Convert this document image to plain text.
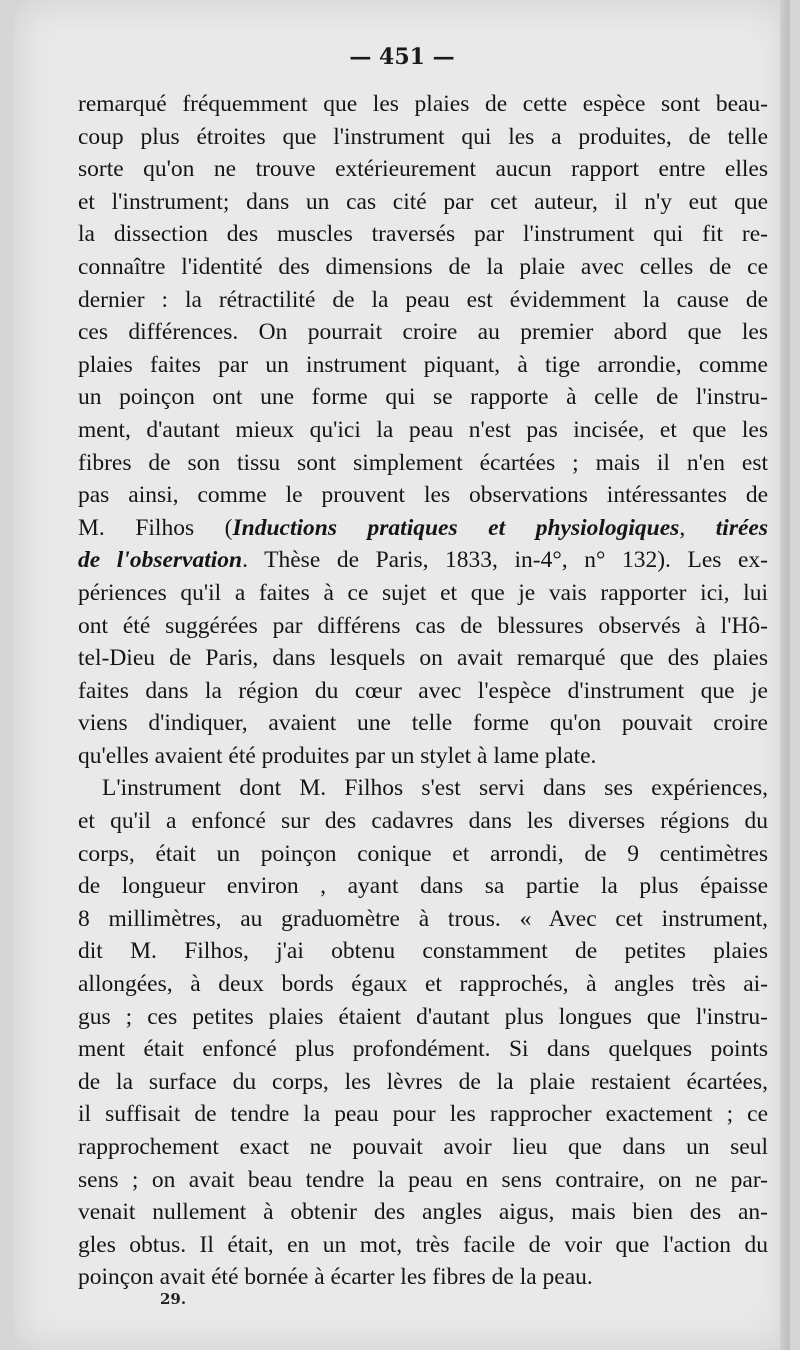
— 451 —
remarqué fréquemment que les plaies de cette espèce sont beau-
coup plus étroites que l'instrument qui les a produites, de telle
sorte qu'on ne trouve extérieurement aucun rapport entre elles
et l'instrument; dans un cas cité par cet auteur, il n'y eut que
la dissection des muscles traversés par l'instrument qui fit re-
connaître l'identité des dimensions de la plaie avec celles de ce
dernier : la rétractilité de la peau est évidemment la cause de
ces différences. On pourrait croire au premier abord que les
plaies faites par un instrument piquant, à tige arrondie, comme
un poinçon ont une forme qui se rapporte à celle de l'instru-
ment, d'autant mieux qu'ici la peau n'est pas incisée, et que les
fibres de son tissu sont simplement écartées ; mais il n'en est
pas ainsi, comme le prouvent les observations intéressantes de
M. Filhos (Inductions pratiques et physiologiques, tirées
de l'observation. Thèse de Paris, 1833, in-4°, n° 132). Les ex-
périences qu'il a faites à ce sujet et que je vais rapporter ici, lui
ont été suggérées par différens cas de blessures observés à l'Hô-
tel-Dieu de Paris, dans lesquels on avait remarqué que des plaies
faites dans la région du cœur avec l'espèce d'instrument que je
viens d'indiquer, avaient une telle forme qu'on pouvait croire
qu'elles avaient été produites par un stylet à lame plate.
L'instrument dont M. Filhos s'est servi dans ses expériences,
et qu'il a enfoncé sur des cadavres dans les diverses régions du
corps, était un poinçon conique et arrondi, de 9 centimètres
de longueur environ , ayant dans sa partie la plus épaisse
8 millimètres, au graduomètre à trous. « Avec cet instrument,
dit M. Filhos, j'ai obtenu constamment de petites plaies
allongées, à deux bords égaux et rapprochés, à angles très ai-
gus ; ces petites plaies étaient d'autant plus longues que l'instru-
ment était enfoncé plus profondément. Si dans quelques points
de la surface du corps, les lèvres de la plaie restaient écartées,
il suffisait de tendre la peau pour les rapprocher exactement ; ce
rapprochement exact ne pouvait avoir lieu que dans un seul
sens ; on avait beau tendre la peau en sens contraire, on ne par-
venait nullement à obtenir des angles aigus, mais bien des an-
gles obtus. Il était, en un mot, très facile de voir que l'action du
poinçon avait été bornée à écarter les fibres de la peau.
29.
